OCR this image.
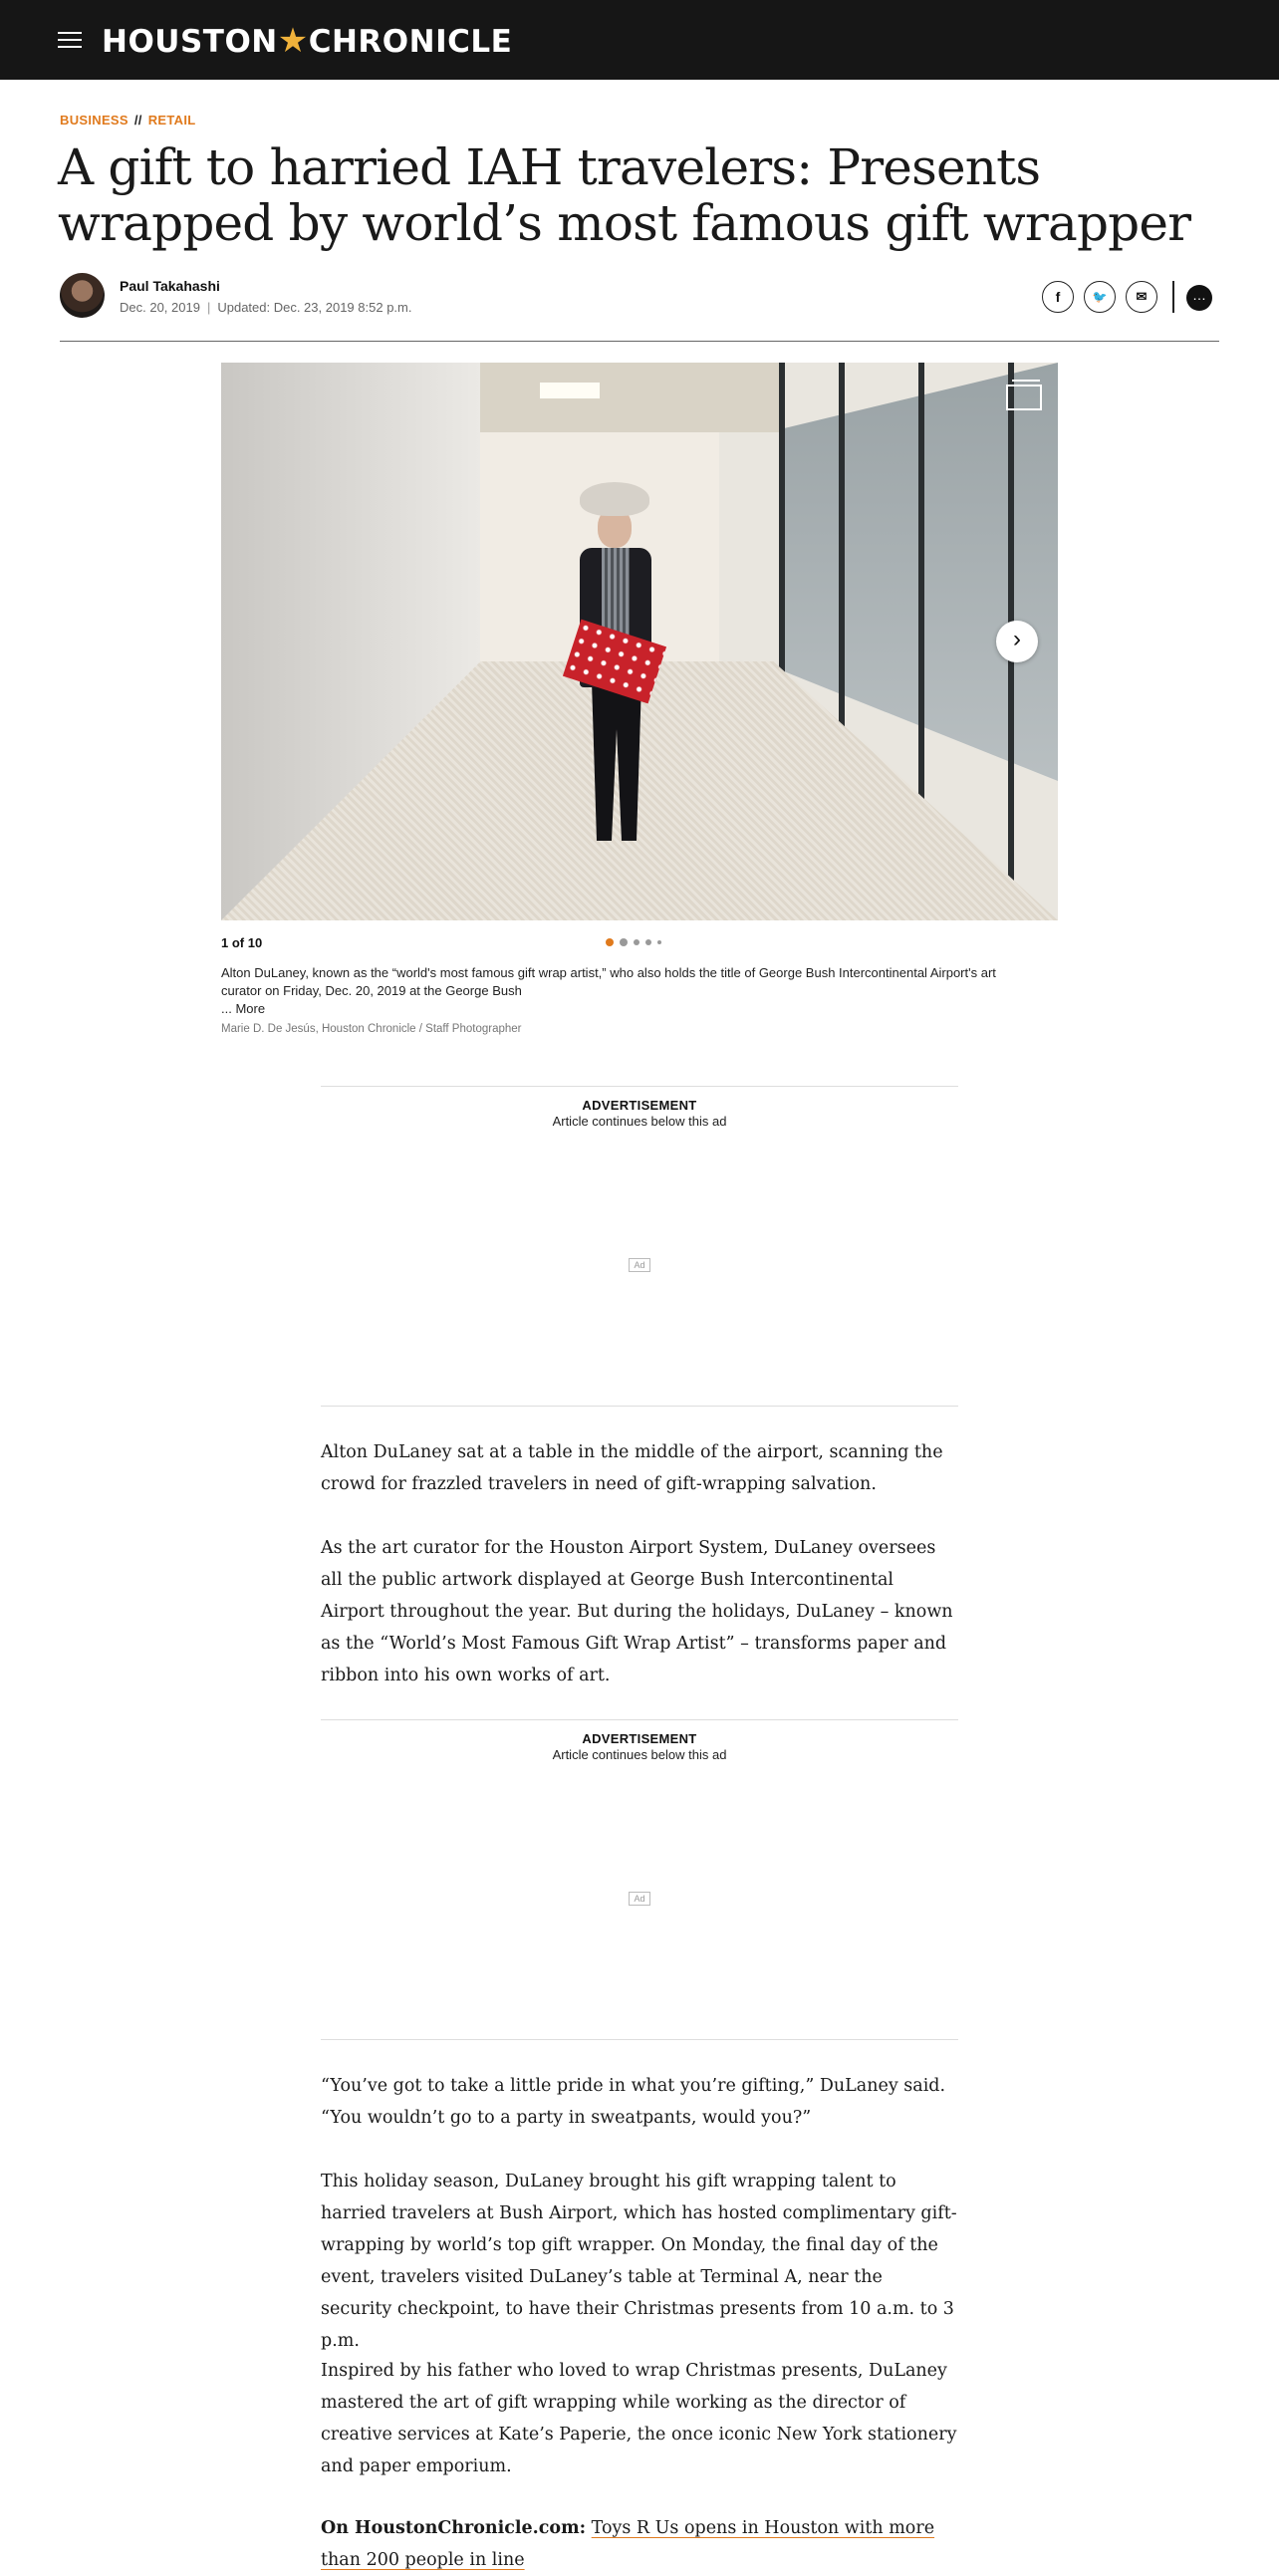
HOUSTON★CHRONICLE
BUSINESS // RETAIL
A gift to harried IAH travelers: Presents wrapped by world’s most famous gift wrapper
Paul Takahashi
Dec. 20, 2019 | Updated: Dec. 23, 2019 8:52 p.m.
f	🐦 ✉	…
›
1 of 10
Alton DuLaney, known as the “world's most famous gift wrap artist,” who also holds the title of George Bush Intercontinental Airport's art curator on Friday, Dec. 20, 2019 at the George Bush
... More
Marie D. De Jesús, Houston Chronicle / Staff Photographer
ADVERTISEMENT
Article continues below this ad
Ad

Alton DuLaney sat at a table in the middle of the airport, scanning the crowd for frazzled travelers in need of gift-wrapping salvation.

As the art curator for the Houston Airport System, DuLaney oversees all the public artwork displayed at George Bush Intercontinental Airport throughout the year. But during the holidays, DuLaney – known as the “World’s Most Famous Gift Wrap Artist” – transforms paper and ribbon into his own works of art.

ADVERTISEMENT
Article continues below this ad
Ad

“You’ve got to take a little pride in what you’re gifting,” DuLaney said. “You wouldn’t go to a party in sweatpants, would you?”

This holiday season, DuLaney brought his gift wrapping talent to harried travelers at Bush Airport, which has hosted complimentary gift-wrapping by world’s top gift wrapper. On Monday, the final day of the event, travelers visited DuLaney’s table at Terminal A, near the security checkpoint, to have their Christmas presents from 10 a.m. to 3 p.m.

Inspired by his father who loved to wrap Christmas presents, DuLaney mastered the art of gift wrapping while working as the director of creative services at Kate’s Paperie, the once iconic New York stationery and paper emporium.

On HoustonChronicle.com: Toys R Us opens in Houston with more than 200 people in line
